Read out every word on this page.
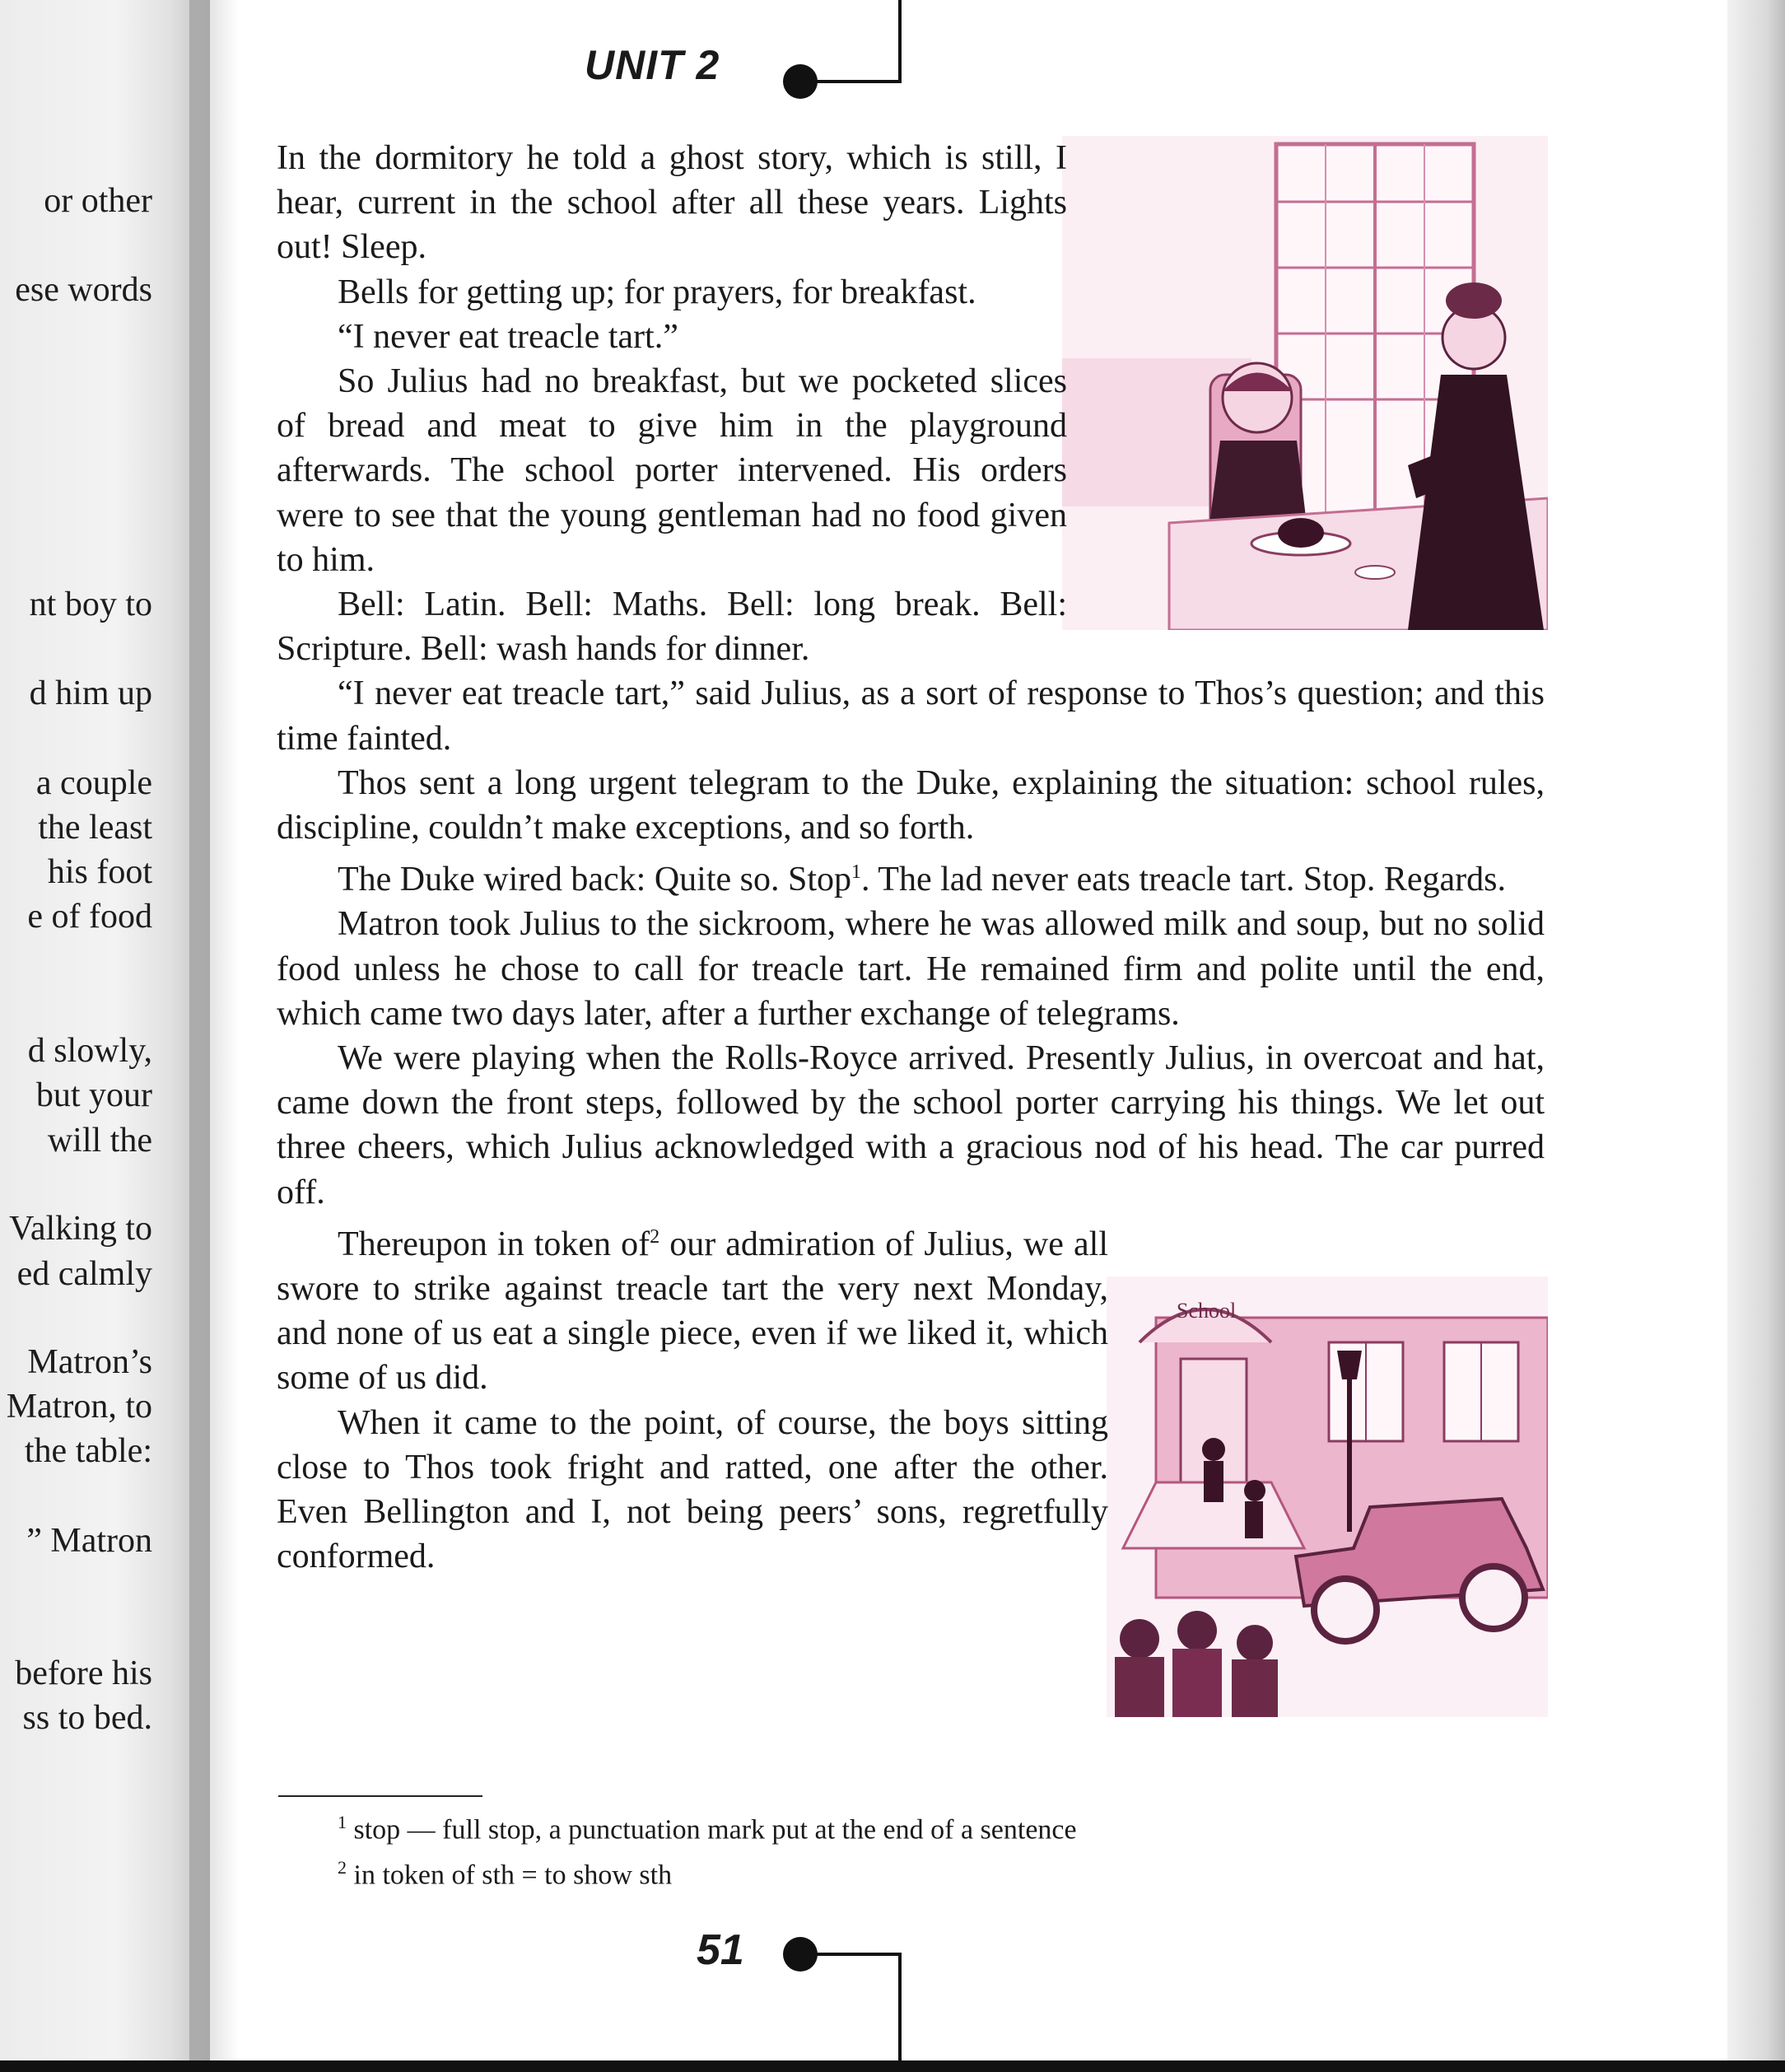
or other
ese words
nt boy to
d him up
a couple
the least
his foot
e of food
d slowly,
but your
will the
Valking to
ed calmly
Matron’s
Matron, to
the table:
” Matron
before his
ss to bed.
UNIT 2
School

In the dormitory he told a ghost story, which is still, I hear, current in the school after all these years. Lights out! Sleep.

Bells for getting up; for prayers, for breakfast.

“I never eat treacle tart.”

So Julius had no breakfast, but we pocketed slices of bread and meat to give him in the playground afterwards. The school porter intervened. His orders were to see that the young gentleman had no food given to him.

Bell: Latin. Bell: Maths. Bell: long break. Bell: Scripture. Bell: wash hands for dinner.

“I never eat treacle tart,” said Julius, as a sort of response to Thos’s question; and this time fainted.

Thos sent a long urgent telegram to the Duke, explaining the situation: school rules, discipline, couldn’t make exceptions, and so forth.

The Duke wired back: Quite so. Stop$^1$. The lad never eats treacle tart. Stop. Regards.

Matron took Julius to the sickroom, where he was allowed milk and soup, but no solid food unless he chose to call for treacle tart. He remained firm and polite until the end, which came two days later, after a further exchange of telegrams.

We were playing when the Rolls-Royce arrived. Presently Julius, in overcoat and hat, came down the front steps, followed by the school porter carrying his things. We let out three cheers, which Julius acknowledged with a gracious nod of his head. The car purred off.

Thereupon in token of$^2$ our admiration of Julius, we all swore to strike against treacle tart the very next Monday, and none of us eat a single piece, even if we liked it, which some of us did.

When it came to the point, of course, the boys sitting close to Thos took fright and ratted, one after the other. Even Bellington and I, not being peers’ sons, regretfully conformed.

$^1$ stop — full stop, a punctuation mark put at the end of a sentence
$^2$ in token of sth = to show sth
51
